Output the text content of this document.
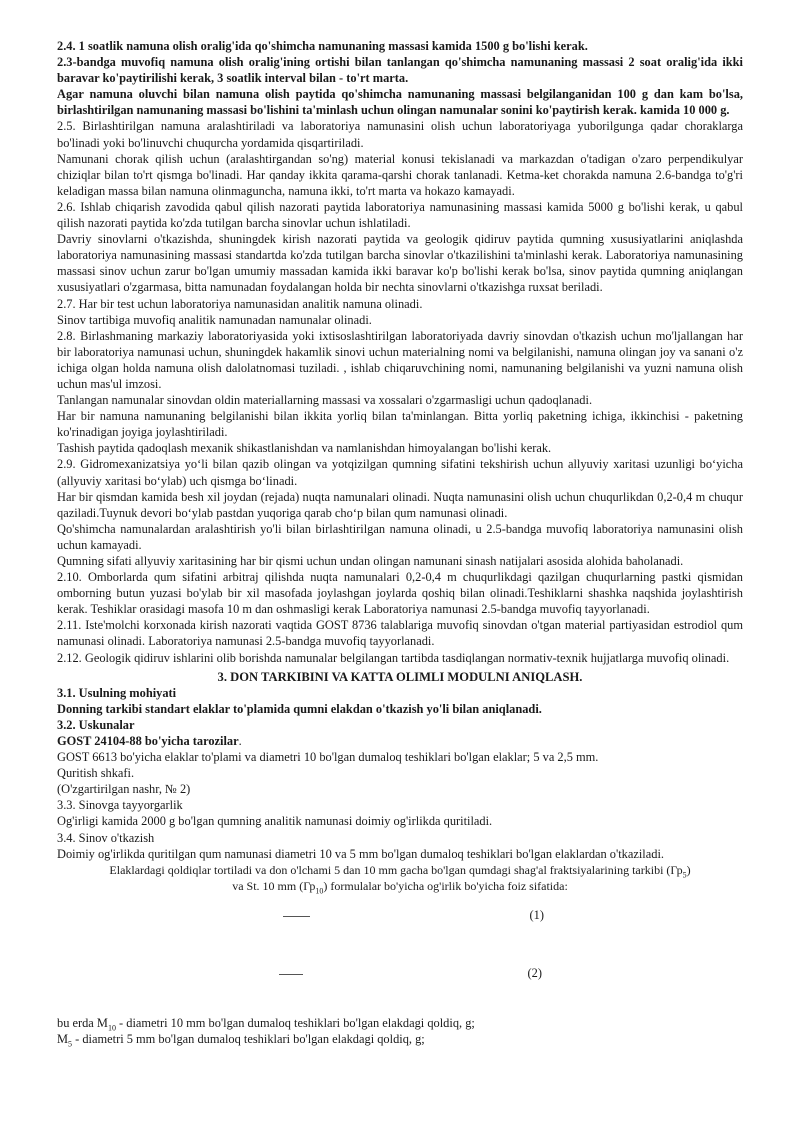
2.4. 1 soatlik namuna olish oralig'ida qo'shimcha namunaning massasi kamida 1500 g bo'lishi kerak.

2.3-bandga muvofiq namuna olish oralig'ining ortishi bilan tanlangan qo'shimcha namunaning massasi 2 soat oralig'ida ikki baravar ko'paytirilishi kerak, 3 soatlik interval bilan - to'rt marta.

Agar namuna oluvchi bilan namuna olish paytida qo'shimcha namunaning massasi belgilanganidan 100 g dan kam bo'lsa, birlashtirilgan namunaning massasi bo'lishini ta'minlash uchun olingan namunalar sonini ko'paytirish kerak. kamida 10 000 g.

2.5. Birlashtirilgan namuna aralashtiriladi va laboratoriya namunasini olish uchun laboratoriyaga yuborilgunga qadar choraklarga bo'linadi yoki bo'linuvchi chuqurcha yordamida qisqartiriladi.

Namunani chorak qilish uchun (aralashtirgandan so'ng) material konusi tekislanadi va markazdan o'tadigan o'zaro perpendikulyar chiziqlar bilan to'rt qismga bo'linadi. Har qanday ikkita qarama-qarshi chorak tanlanadi. Ketma-ket chorakda namuna 2.6-bandga to'g'ri keladigan massa bilan namuna olinmaguncha, namuna ikki, to'rt marta va hokazo kamayadi.

2.6. Ishlab chiqarish zavodida qabul qilish nazorati paytida laboratoriya namunasining massasi kamida 5000 g bo'lishi kerak, u qabul qilish nazorati paytida ko'zda tutilgan barcha sinovlar uchun ishlatiladi.

Davriy sinovlarni o'tkazishda, shuningdek kirish nazorati paytida va geologik qidiruv paytida qumning xususiyatlarini aniqlashda laboratoriya namunasining massasi standartda ko'zda tutilgan barcha sinovlar o'tkazilishini ta'minlashi kerak. Laboratoriya namunasining massasi sinov uchun zarur bo'lgan umumiy massadan kamida ikki baravar ko'p bo'lishi kerak bo'lsa, sinov paytida qumning aniqlangan xususiyatlari o'zgarmasa, bitta namunadan foydalangan holda bir nechta sinovlarni o'tkazishga ruxsat beriladi.

2.7. Har bir test uchun laboratoriya namunasidan analitik namuna olinadi.

Sinov tartibiga muvofiq analitik namunadan namunalar olinadi.

2.8. Birlashmaning markaziy laboratoriyasida yoki ixtisoslashtirilgan laboratoriyada davriy sinovdan o'tkazish uchun mo'ljallangan har bir laboratoriya namunasi uchun, shuningdek hakamlik sinovi uchun materialning nomi va belgilanishi, namuna olingan joy va sanani o'z ichiga olgan holda namuna olish dalolatnomasi tuziladi. , ishlab chiqaruvchining nomi, namunaning belgilanishi va yuzni namuna olish uchun mas'ul imzosi.

Tanlangan namunalar sinovdan oldin materiallarning massasi va xossalari o'zgarmasligi uchun qadoqlanadi.

Har bir namuna namunaning belgilanishi bilan ikkita yorliq bilan ta'minlangan. Bitta yorliq paketning ichiga, ikkinchisi - paketning ko'rinadigan joyiga joylashtiriladi.

Tashish paytida qadoqlash mexanik shikastlanishdan va namlanishdan himoyalangan bo'lishi kerak.

2.9. Gidromexanizatsiya yo‘li bilan qazib olingan va yotqizilgan qumning sifatini tekshirish uchun allyuviy xaritasi uzunligi bo‘yicha (allyuviy xaritasi bo‘ylab) uch qismga bo‘linadi.

Har bir qismdan kamida besh xil joydan (rejada) nuqta namunalari olinadi. Nuqta namunasini olish uchun chuqurlikdan 0,2-0,4 m chuqur qaziladi.Tuynuk devori bo‘ylab pastdan yuqoriga qarab cho‘p bilan qum namunasi olinadi.

Qo'shimcha namunalardan aralashtirish yo'li bilan birlashtirilgan namuna olinadi, u 2.5-bandga muvofiq laboratoriya namunasini olish uchun kamayadi.

Qumning sifati allyuviy xaritasining har bir qismi uchun undan olingan namunani sinash natijalari asosida alohida baholanadi.

2.10. Omborlarda qum sifatini arbitraj qilishda nuqta namunalari 0,2-0,4 m chuqurlikdagi qazilgan chuqurlarning pastki qismidan omborning butun yuzasi bo'ylab bir xil masofada joylashgan joylarda qoshiq bilan olinadi.Teshiklarni shashka naqshida joylashtirish kerak. Teshiklar orasidagi masofa 10 m dan oshmasligi kerak Laboratoriya namunasi 2.5-bandga muvofiq tayyorlanadi.

2.11. Iste'molchi korxonada kirish nazorati vaqtida GOST 8736 talablariga muvofiq sinovdan o'tgan material partiyasidan estrodiol qum namunasi olinadi. Laboratoriya namunasi 2.5-bandga muvofiq tayyorlanadi.

2.12. Geologik qidiruv ishlarini olib borishda namunalar belgilangan tartibda tasdiqlangan normativ-texnik hujjatlarga muvofiq olinadi.

3. DON TARKIBINI VA KATTA OLIMLI MODULNI ANIQLASH.

3.1. Usulning mohiyati

Donning tarkibi standart elaklar to'plamida qumni elakdan o'tkazish yo'li bilan aniqlanadi.

3.2. Uskunalar

GOST 24104-88 bo'yicha tarozilar.

GOST 6613 bo'yicha elaklar to'plami va diametri 10 bo'lgan dumaloq teshiklari bo'lgan elaklar; 5 va 2,5 mm.

Quritish shkafi.

(O'zgartirilgan nashr, № 2)

3.3. Sinovga tayyorgarlik

Og'irligi kamida 2000 g bo'lgan qumning analitik namunasi doimiy og'irlikda quritiladi.

3.4. Sinov o'tkazish

Doimiy og'irlikda quritilgan qum namunasi diametri 10 va 5 mm bo'lgan dumaloq teshiklari bo'lgan elaklardan o'tkaziladi.

Elaklardagi qoldiqlar tortiladi va don o'lchami 5 dan 10 mm gacha bo'lgan qumdagi shag'al fraktsiyalarining tarkibi $(Гр_5)$

va St. 10 mm $(Гр_{10})$ formulalar bo'yicha og'irlik bo'yicha foiz sifatida:

(1)
(2)

bu erda $M_{10}$ - diametri 10 mm bo'lgan dumaloq teshiklari bo'lgan elakdagi qoldiq, g;

$M_5$ - diametri 5 mm bo'lgan dumaloq teshiklari bo'lgan elakdagi qoldiq, g;
